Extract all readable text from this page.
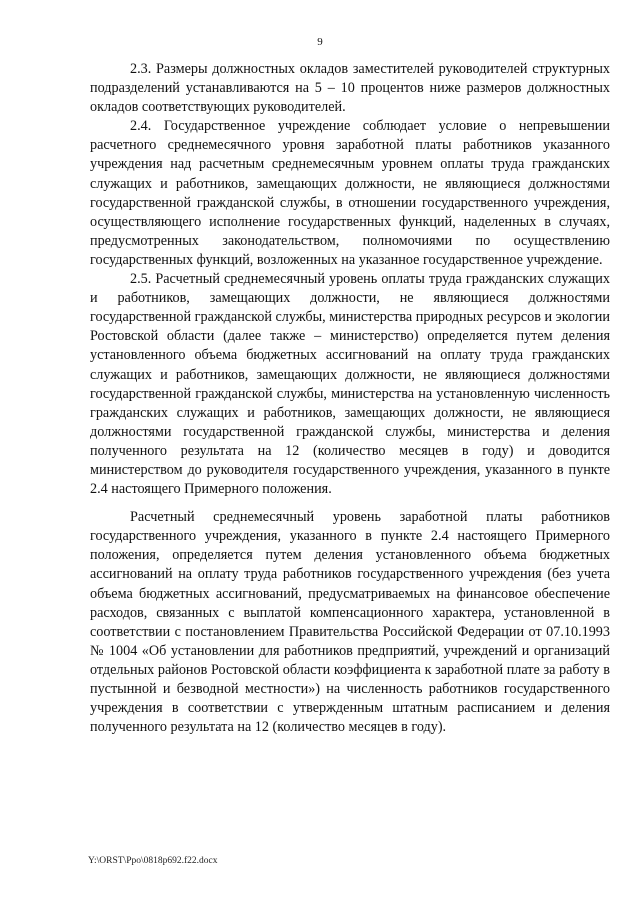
9

2.3. Размеры должностных окладов заместителей руководителей структурных подразделений устанавливаются на 5 – 10 процентов ниже размеров должностных окладов соответствующих руководителей.

2.4. Государственное учреждение соблюдает условие о непревышении расчетного среднемесячного уровня заработной платы работников указанного учреждения над расчетным среднемесячным уровнем оплаты труда гражданских служащих и работников, замещающих должности, не являющиеся должностями государственной гражданской службы, в отношении государственного учреждения, осуществляющего исполнение государственных функций, наделенных в случаях, предусмотренных законодательством, полномочиями по осуществлению государственных функций, возложенных на указанное государственное учреждение.

2.5. Расчетный среднемесячный уровень оплаты труда гражданских служащих и работников, замещающих должности, не являющиеся должностями государственной гражданской службы, министерства природных ресурсов и экологии Ростовской области (далее также – министерство) определяется путем деления установленного объема бюджетных ассигнований на оплату труда гражданских служащих и работников, замещающих должности, не являющиеся должностями государственной гражданской службы, министерства на установленную численность гражданских служащих и работников, замещающих должности, не являющиеся должностями государственной гражданской службы, министерства и деления полученного результата на 12 (количество месяцев в году) и доводится министерством до руководителя государственного учреждения, указанного в пункте 2.4 настоящего Примерного положения.

Расчетный среднемесячный уровень заработной платы работников государственного учреждения, указанного в пункте 2.4 настоящего Примерного положения, определяется путем деления установленного объема бюджетных ассигнований на оплату труда работников государственного учреждения (без учета объема бюджетных ассигнований, предусматриваемых на финансовое обеспечение расходов, связанных с выплатой компенсационного характера, установленной в соответствии с постановлением Правительства Российской Федерации от 07.10.1993 № 1004 «Об установлении для работников предприятий, учреждений и организаций отдельных районов Ростовской области коэффициента к заработной плате за работу в пустынной и безводной местности») на численность работников государственного учреждения в соответствии с утвержденным штатным расписанием и деления полученного результата на 12 (количество месяцев в году).

Y:\ORST\Ppo\0818p692.f22.docx
